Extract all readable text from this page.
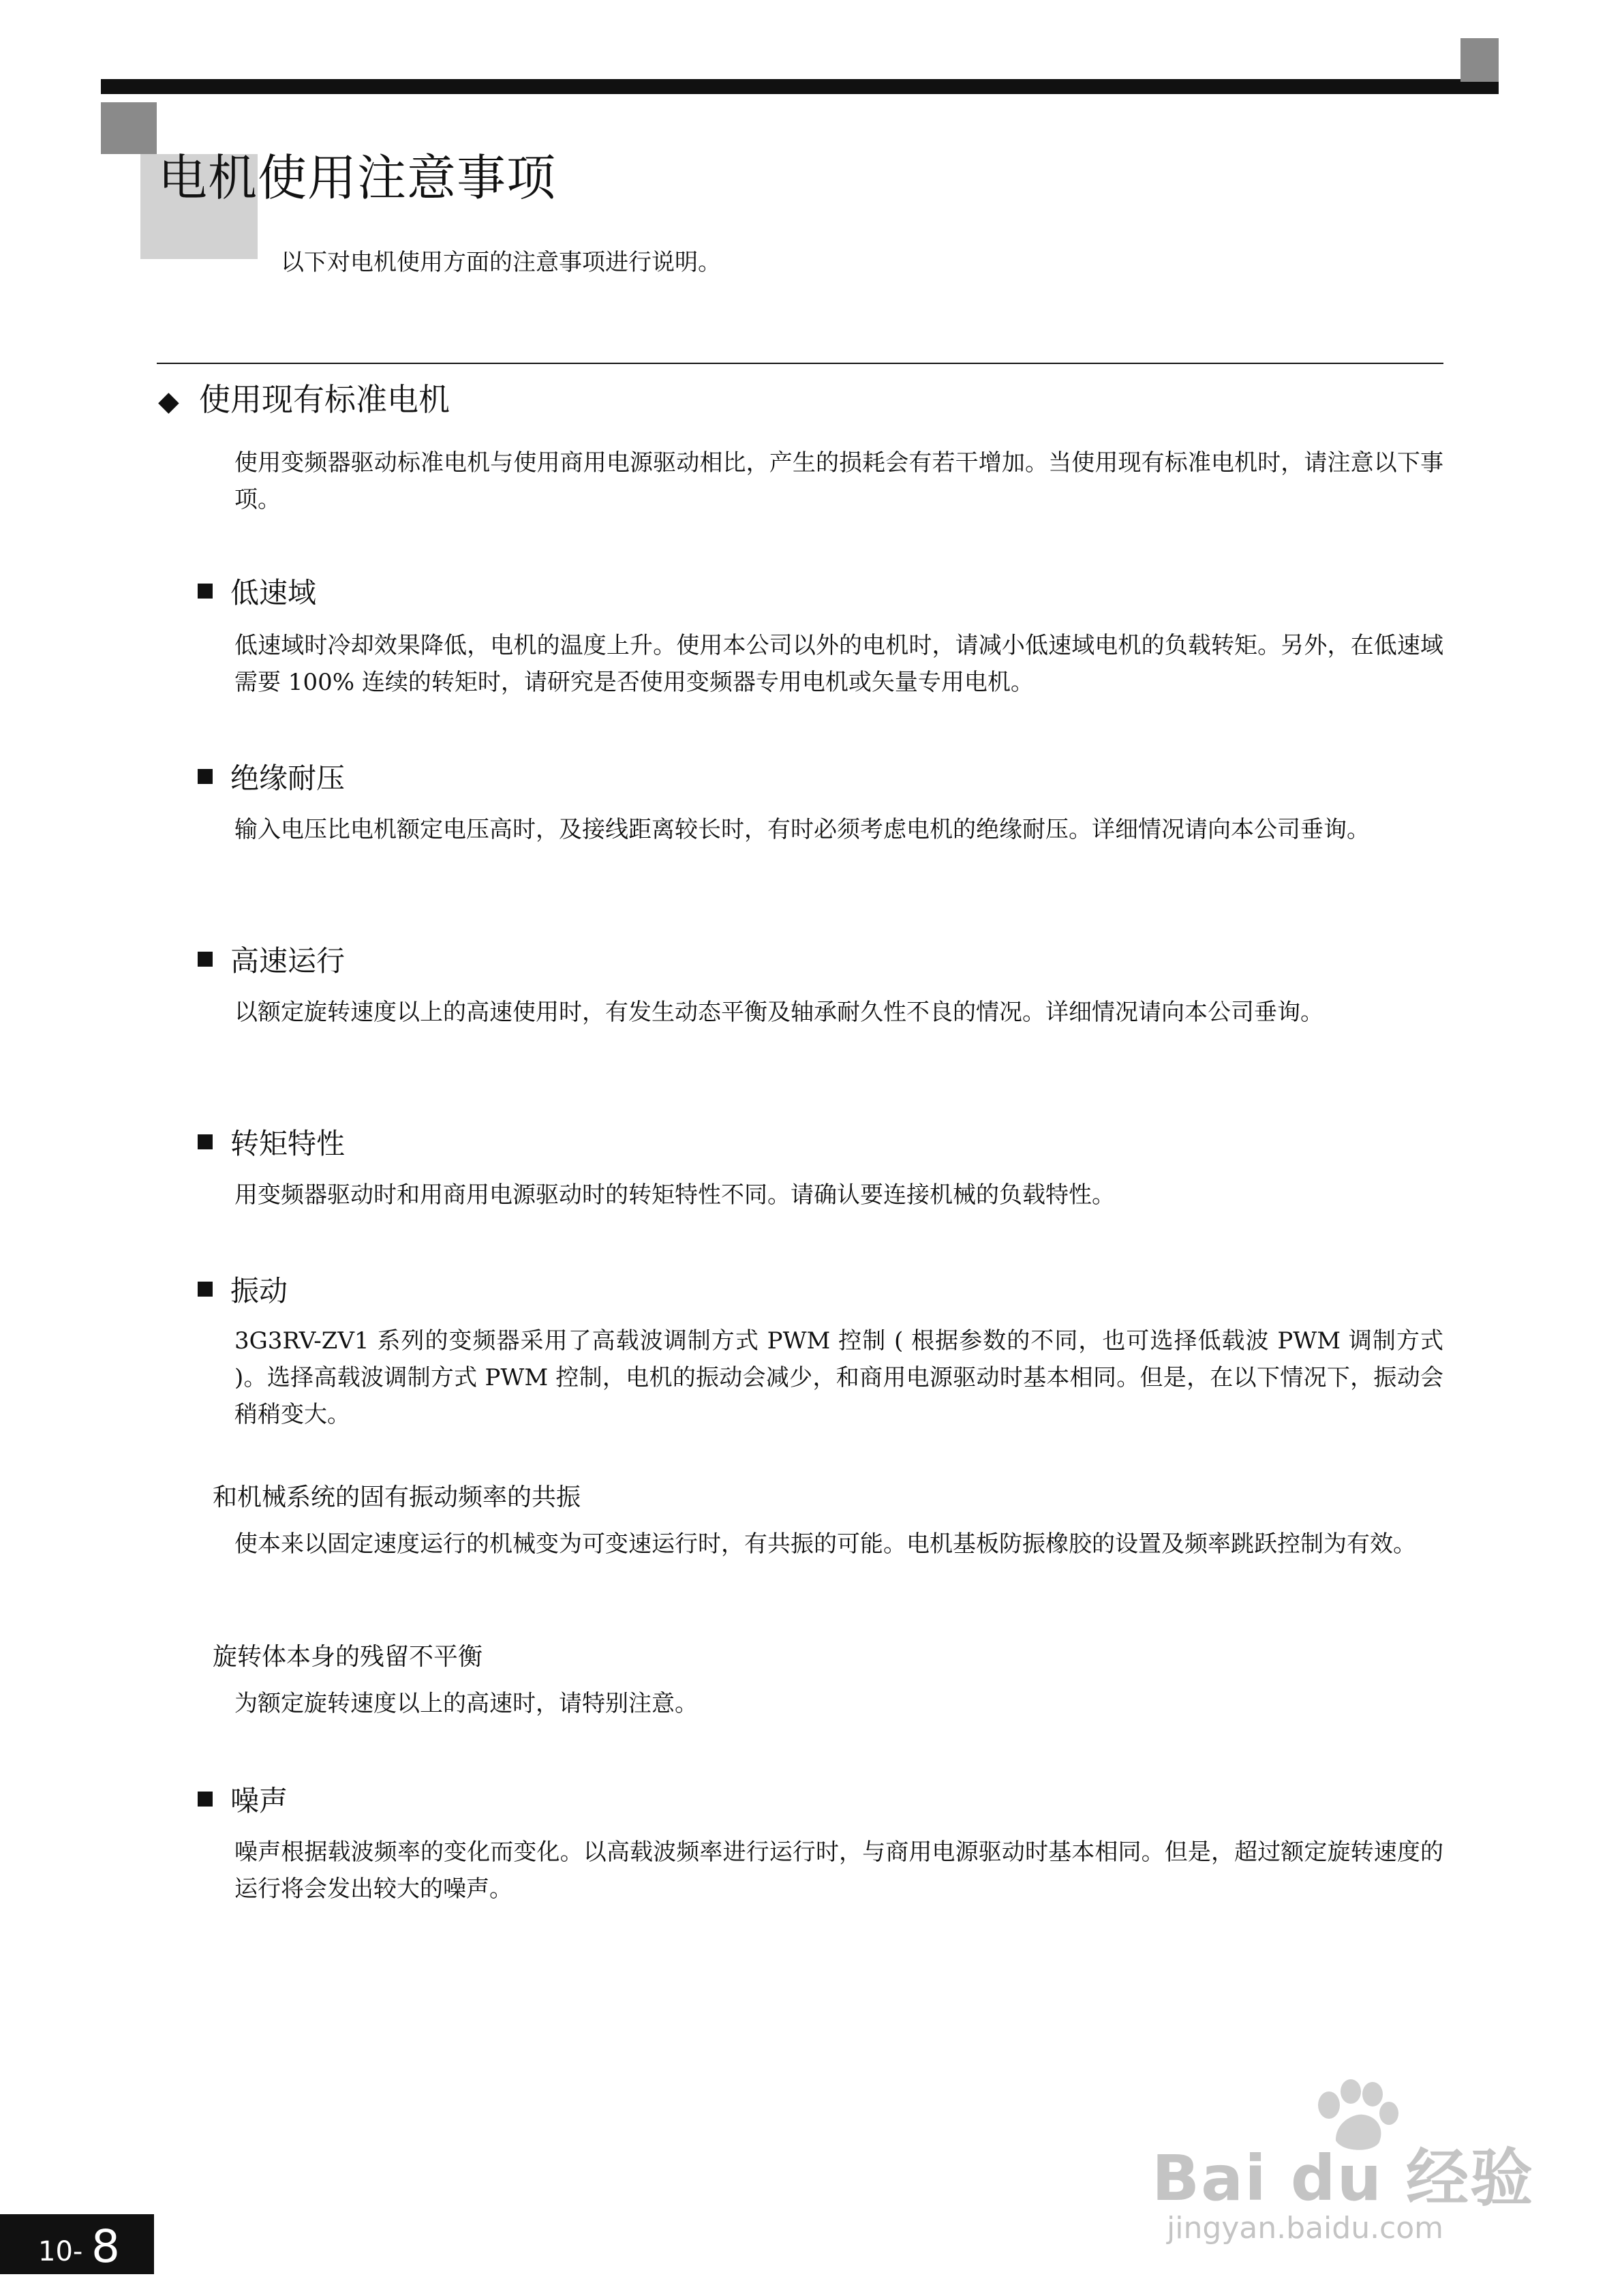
电机使用注意事项
以下对电机使用方面的注意事项进行说明。
◆ 使用现有标准电机
使用变频器驱动标准电机与使用商用电源驱动相比，产生的损耗会有若干增加。当使用现有标准电机时，请注意以下事项。
低速域
低速域时冷却效果降低，电机的温度上升。使用本公司以外的电机时，请减小低速域电机的负载转矩。另外，在低速域需要 100% 连续的转矩时，请研究是否使用变频器专用电机或矢量专用电机。
绝缘耐压
输入电压比电机额定电压高时，及接线距离较长时，有时必须考虑电机的绝缘耐压。详细情况请向本公司垂询。
高速运行
以额定旋转速度以上的高速使用时，有发生动态平衡及轴承耐久性不良的情况。详细情况请向本公司垂询。
转矩特性
用变频器驱动时和用商用电源驱动时的转矩特性不同。请确认要连接机械的负载特性。
振动
3G3RV-ZV1 系列的变频器采用了高载波调制方式 PWM 控制 ( 根据参数的不同，也可选择低载波 PWM 调制方式 )。选择高载波调制方式 PWM 控制，电机的振动会减少，和商用电源驱动时基本相同。但是，在以下情况下，振动会稍稍变大。
和机械系统的固有振动频率的共振
使本来以固定速度运行的机械变为可变速运行时，有共振的可能。电机基板防振橡胶的设置及频率跳跃控制为有效。
旋转体本身的残留不平衡
为额定旋转速度以上的高速时，请特别注意。
噪声
噪声根据载波频率的变化而变化。以高载波频率进行运行时，与商用电源驱动时基本相同。但是，超过额定旋转速度的运行将会发出较大的噪声。
Bai du 经验
jingyan.baidu.com
10- 8
